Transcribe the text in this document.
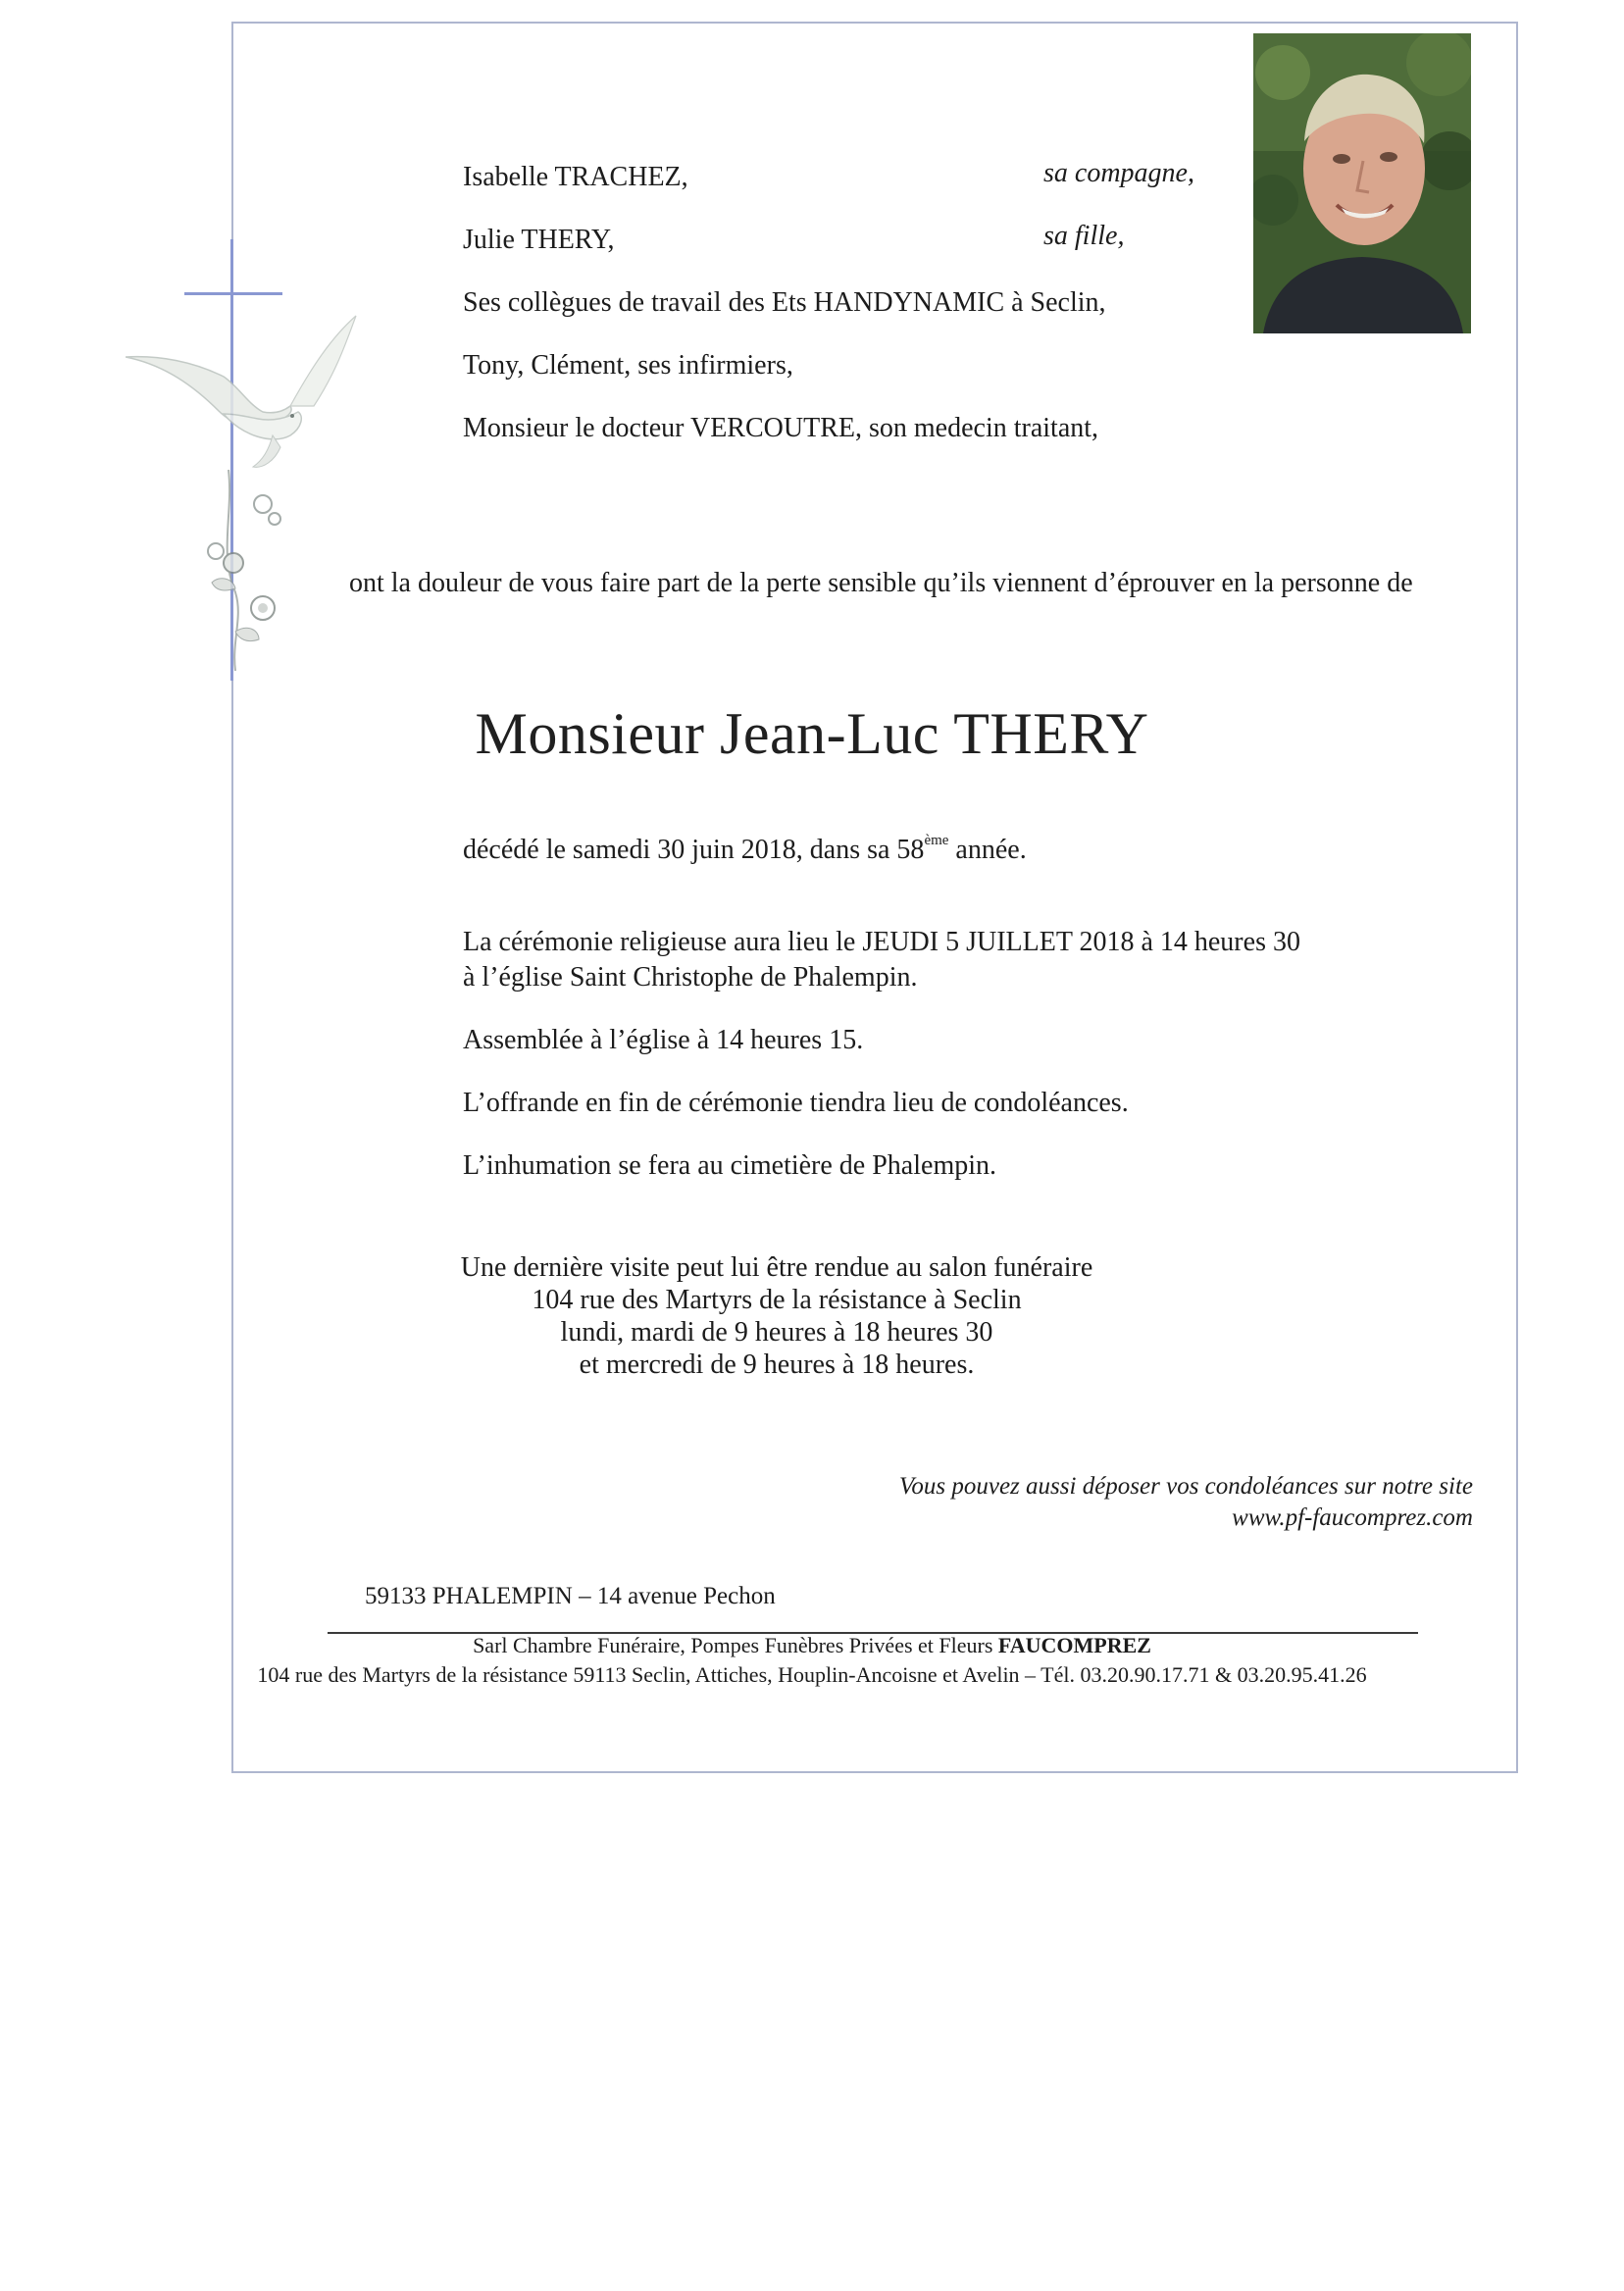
Isabelle TRACHEZ,	sa compagne,
Julie THERY,	sa fille,
Ses collègues de travail des Ets HANDYNAMIC à Seclin,
Tony, Clément, ses infirmiers,
Monsieur le docteur VERCOUTRE, son medecin traitant,
ont la douleur de vous faire part de la perte sensible qu’ils viennent d’éprouver en la personne de
Monsieur Jean-Luc THERY
décédé le samedi 30 juin 2018, dans sa 58ème année.
La cérémonie religieuse aura lieu le JEUDI 5 JUILLET 2018 à 14 heures 30
à l’église Saint Christophe de Phalempin.
Assemblée à l’église à 14 heures 15.
L’offrande en fin de cérémonie tiendra lieu de condoléances.
L’inhumation se fera au cimetière de Phalempin.
Une dernière visite peut lui être rendue au salon funéraire
104 rue des Martyrs de la résistance à Seclin
lundi, mardi de 9 heures à 18 heures 30
et mercredi de 9 heures à 18 heures.
Vous pouvez aussi déposer vos condoléances sur notre site
www.pf-faucomprez.com
59133 PHALEMPIN – 14 avenue Pechon
Sarl Chambre Funéraire, Pompes Funèbres Privées et Fleurs FAUCOMPREZ
104 rue des Martyrs de la résistance 59113 Seclin, Attiches, Houplin-Ancoisne et Avelin – Tél. 03.20.90.17.71 & 03.20.95.41.26
